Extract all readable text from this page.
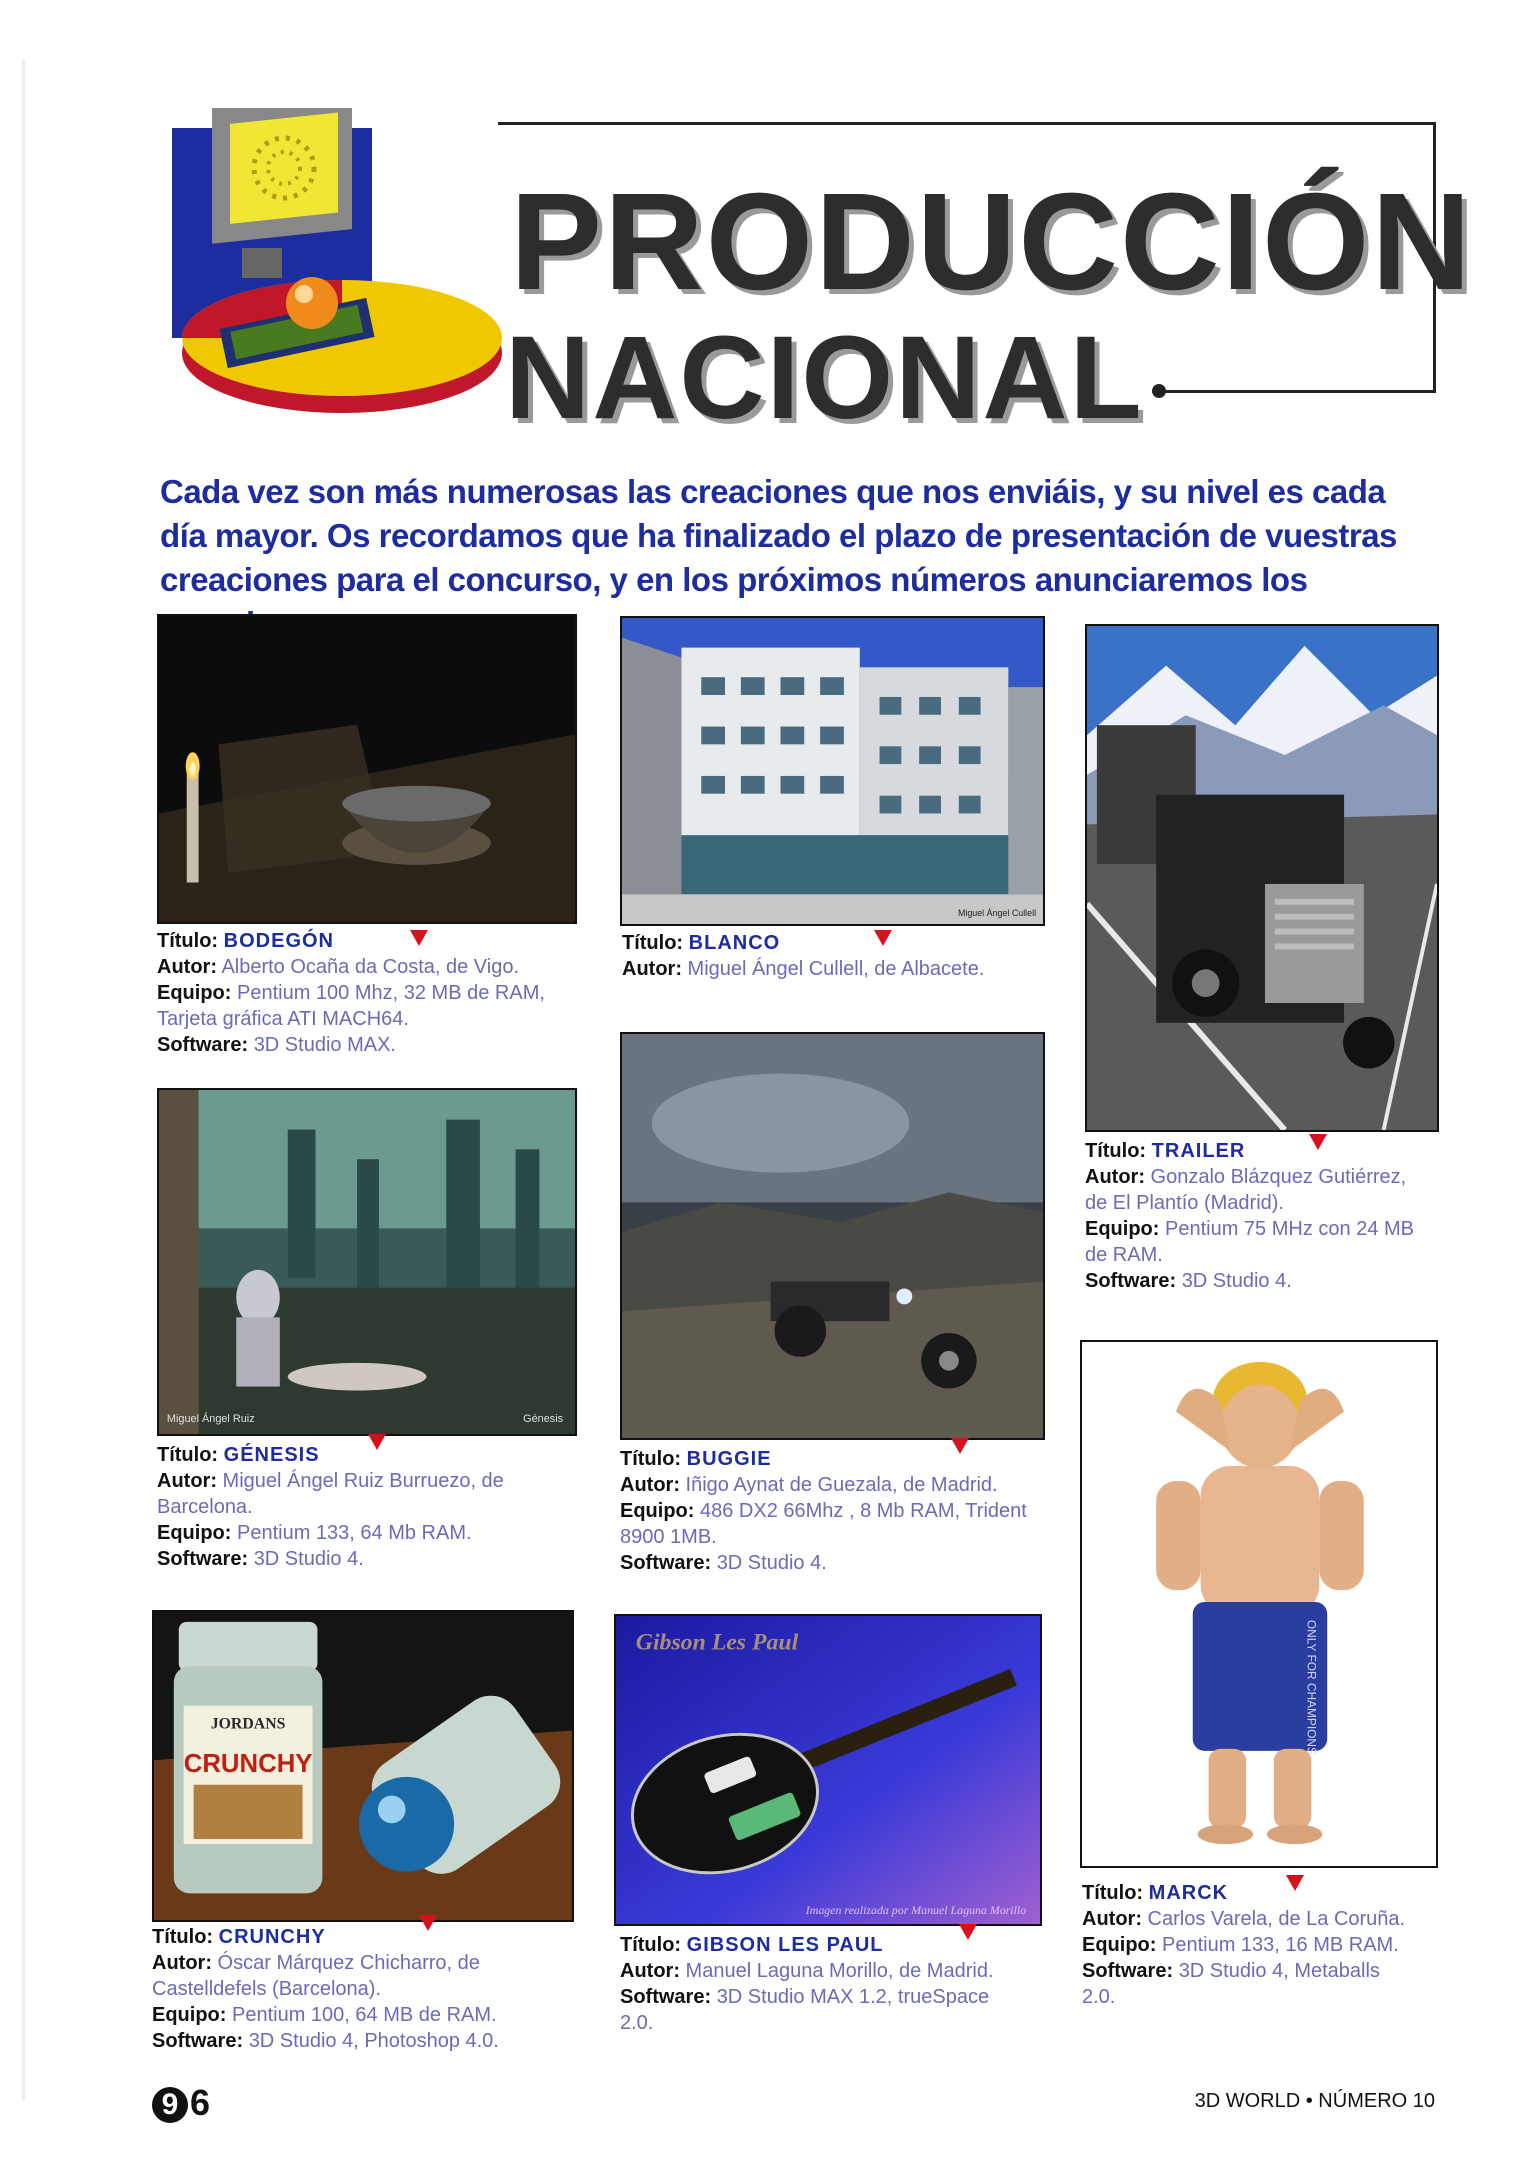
PRODUCCIÓN
NACIONAL
Cada vez son más numerosas las creaciones que nos enviáis, y su nivel es cada día mayor. Os recordamos que ha finalizado el plazo de presentación de vuestras creaciones para el concurso, y en los próximos números anunciaremos los
Título: BODEGÓN
Autor: Alberto Ocaña da Costa, de Vigo.
Equipo: Pentium 100 Mhz, 32 MB de RAM, Tarjeta gráfica ATI MACH64.
Software: 3D Studio MAX.
Miguel Ángel Cullell
Título: BLANCO
Autor: Miguel Ángel Cullell, de Albacete.
Miguel Ángel Ruiz	Génesis
Título: GÉNESIS
Autor: Miguel Ángel Ruiz Burruezo, de Barcelona.
Equipo: Pentium 133, 64 Mb RAM.
Software: 3D Studio 4.
Título: BUGGIE
Autor: Iñigo Aynat de Guezala, de Madrid.
Equipo: 486 DX2 66Mhz , 8 Mb RAM, Trident 8900 1MB.
Software: 3D Studio 4.
Título: TRAILER
Autor: Gonzalo Blázquez Gutiérrez, de El Plantío (Madrid).
Equipo: Pentium 75 MHz con 24 MB de RAM.
Software: 3D Studio 4.
ONLY FOR CHAMPIONS
Título: MARCK
Autor: Carlos Varela, de La Coruña.
Equipo: Pentium 133, 16 MB RAM.
Software: 3D Studio 4, Metaballs 2.0.
JORDANS
CRUNCHY
Título: CRUNCHY
Autor: Óscar Márquez Chicharro, de Castelldefels (Barcelona).
Equipo: Pentium 100, 64 MB de RAM.
Software: 3D Studio 4, Photoshop 4.0.
Gibson Les Paul
Imagen realizada por Manuel Laguna Morillo
Título: GIBSON LES PAUL
Autor: Manuel Laguna Morillo, de Madrid.
Software: 3D Studio MAX 1.2, trueSpace 2.0.
9 6	3D WORLD • NÚMERO 10
